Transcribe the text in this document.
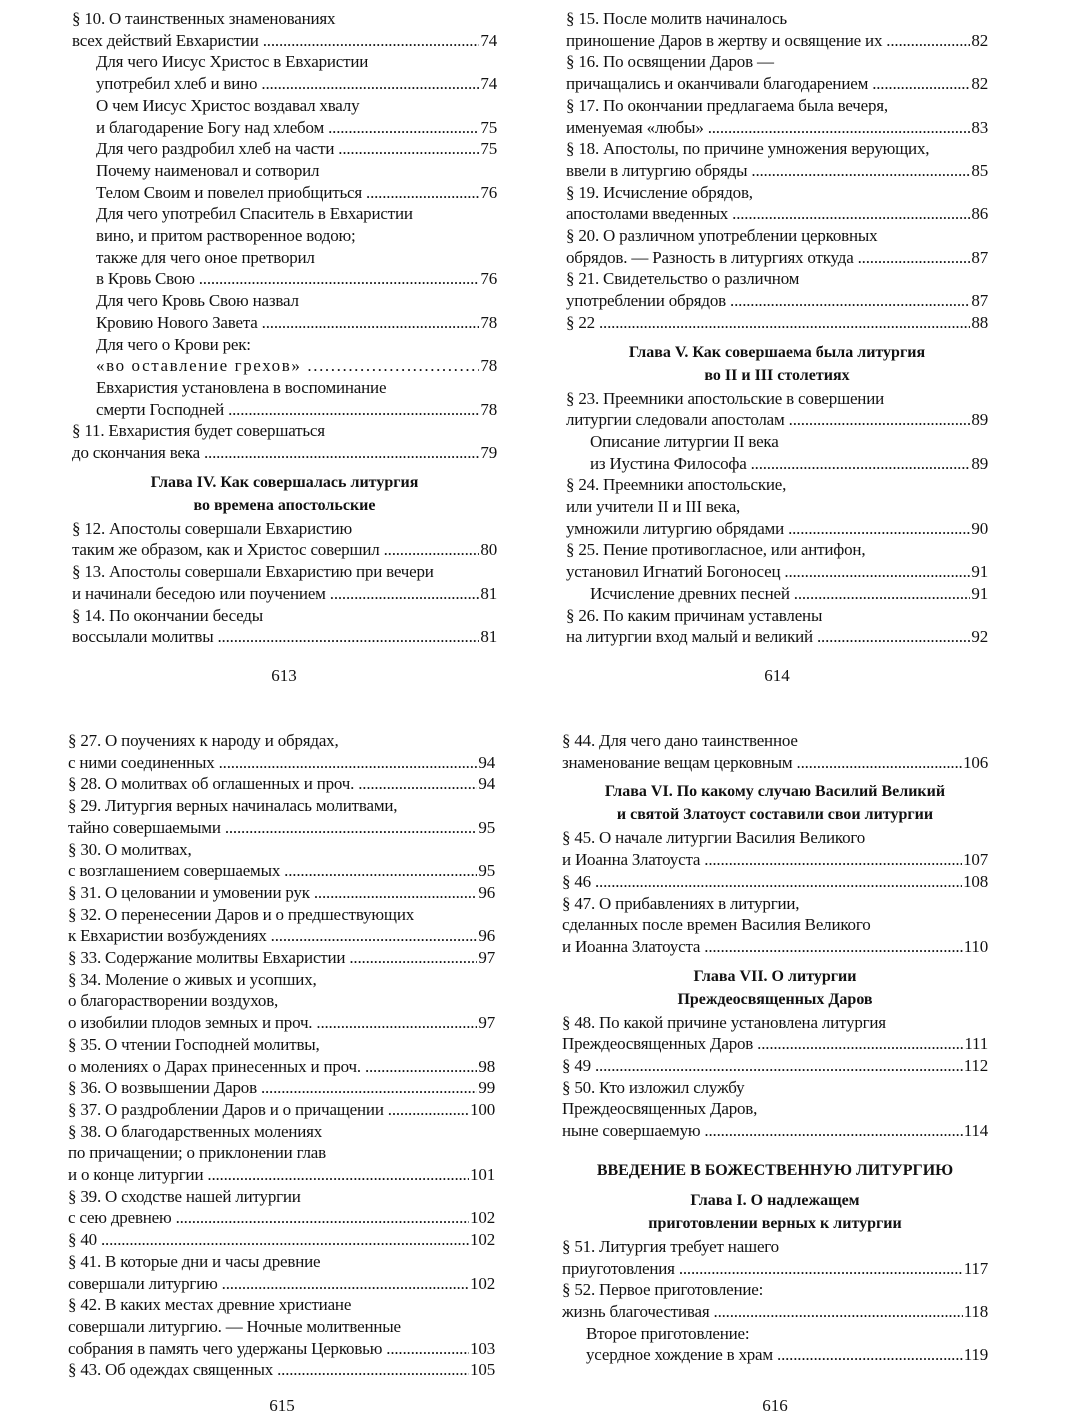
§ 10. О таинственных знаменованиях
всех действий Евхаристии .....	74
Для чего Иисус Христос в Евхаристии
употребил хлеб и вино .....	74
О чем Иисус Христос воздавал хвалу
и благодарение Богу над хлебом .....	75
Для чего раздробил хлеб на части .....	75
Почему наименовал и сотворил
Телом Своим и повелел приобщиться .....	76
Для чего употребил Спаситель в Евхаристии
вино, и притом растворенное водою;
также для чего оное претворил
в Кровь Свою .....	76
Для чего Кровь Свою назвал
Кровию Нового Завета .....	78
Для чего о Крови рек:
«во оставление грехов» .....	78
Евхаристия установлена в воспоминание
смерти Господней .....	78
§ 11. Евхаристия будет совершаться
до скончания века .....	79
Глава IV. Как совершалась литургия
во времена апостольские
§ 12. Апостолы совершали Евхаристию
таким же образом, как и Христос совершил .....	80
§ 13. Апостолы совершали Евхаристию при вечери
и начинали беседою или поучением .....	81
§ 14. По окончании беседы
воссылали молитвы .....	81
613
§ 15. После молитв начиналось
приношение Даров в жертву и освящение их .....	82
§ 16. По освящении Даров —
причащались и оканчивали благодарением .....	82
§ 17. По окончании предлагаема была вечеря,
именуемая «любы» .....	83
§ 18. Апостолы, по причине умножения верующих,
ввели в литургию обряды .....	85
§ 19. Исчисление обрядов,
апостолами введенных .....	86
§ 20. О различном употреблении церковных
обрядов. — Разность в литургиях откуда .....	87
§ 21. Свидетельство о различном
употреблении обрядов .....	87
§ 22 .....	88
Глава V. Как совершаема была литургия
во II и III столетиях
§ 23. Преемники апостольские в совершении
литургии следовали апостолам .....	89
Описание литургии II века
из Иустина Философа .....	89
§ 24. Преемники апостольские,
или учители II и III века,
умножили литургию обрядами .....	90
§ 25. Пение противогласное, или антифон,
установил Игнатий Богоносец .....	91
Исчисление древних песней .....	91
§ 26. По каким причинам уставлены
на литургии вход малый и великий .....	92
614
§ 27. О поучениях к народу и обрядах,
с ними соединенных .....	94
§ 28. О молитвах об оглашенных и проч. .....	94
§ 29. Литургия верных начиналась молитвами,
тайно совершаемыми .....	95
§ 30. О молитвах,
с возглашением совершаемых .....	95
§ 31. О целовании и умовении рук .....	96
§ 32. О перенесении Даров и о предшествующих
к Евхаристии возбуждениях .....	96
§ 33. Содержание молитвы Евхаристии .....	97
§ 34. Моление о живых и усопших,
о благорастворении воздухов,
о изобилии плодов земных и проч. .....	97
§ 35. О чтении Господней молитвы,
о молениях о Дарах принесенных и проч. .....	98
§ 36. О возвышении Даров .....	99
§ 37. О раздроблении Даров и о причащении .....	100
§ 38. О благодарственных молениях
по причащении; о приклонении глав
и о конце литургии .....	101
§ 39. О сходстве нашей литургии
с сею древнею .....	102
§ 40 .....	102
§ 41. В которые дни и часы древние
совершали литургию .....	102
§ 42. В каких местах древние христиане
совершали литургию. — Ночные молитвенные
собрания в память чего удержаны Церковью .....	103
§ 43. Об одеждах священных .....	105
615
§ 44. Для чего дано таинственное
знаменование вещам церковным .....	106
Глава VI. По какому случаю Василий Великий
и святой Златоуст составили свои литургии
§ 45. О начале литургии Василия Великого
и Иоанна Златоуста .....	107
§ 46 .....	108
§ 47. О прибавлениях в литургии,
сделанных после времен Василия Великого
и Иоанна Златоуста .....	110
Глава VII. О литургии
Преждеосвященных Даров
§ 48. По какой причине установлена литургия
Преждеосвященных Даров .....	111
§ 49 .....	112
§ 50. Кто изложил службу
Преждеосвященных Даров,
ныне совершаемую .....	114
ВВЕДЕНИЕ В БОЖЕСТВЕННУЮ ЛИТУРГИЮ
Глава I. О надлежащем
приготовлении верных к литургии
§ 51. Литургия требует нашего
приуготовления .....	117
§ 52. Первое приготовление:
жизнь благочестивая .....	118
Второе приготовление:
усердное хождение в храм .....	119
616
